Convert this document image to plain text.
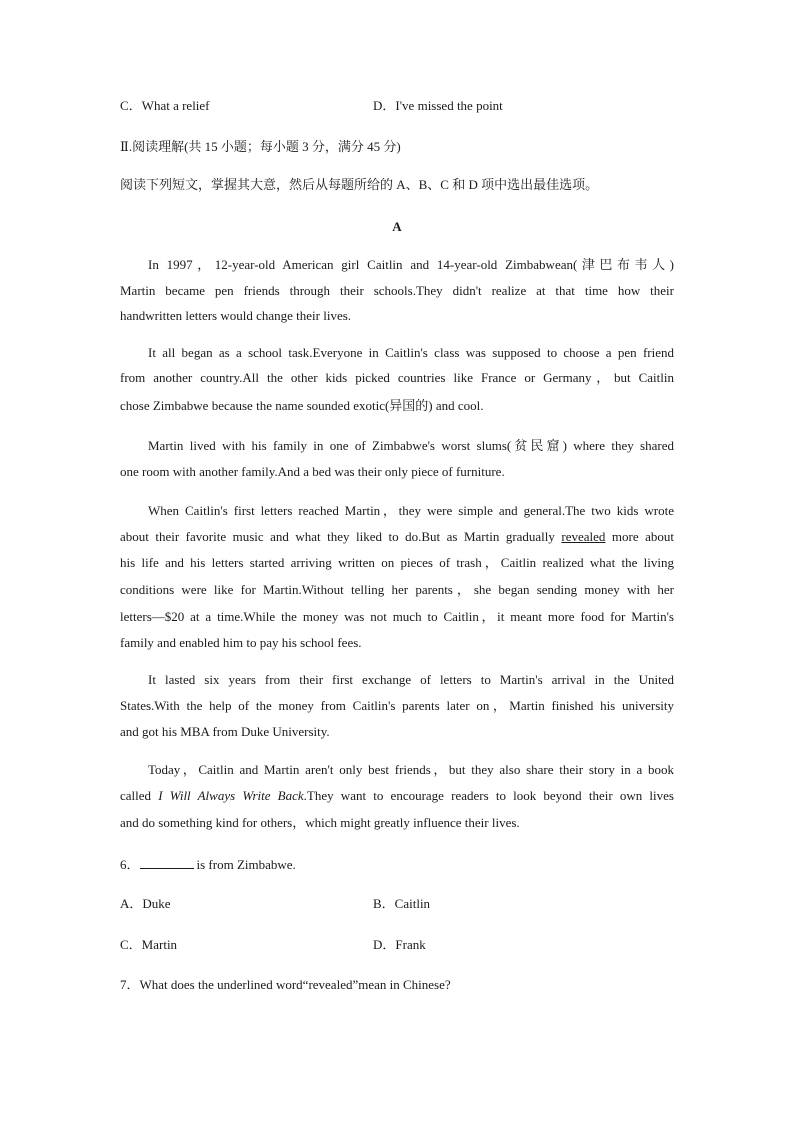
C．What a relief	D．I've missed the point
Ⅱ.阅读理解(共 15 小题；每小题 3 分，满分 45 分)
阅读下列短文，掌握其大意，然后从每题所给的 A、B、C 和 D 项中选出最佳选项。
A
In 1997，12-year-old American girl Caitlin and 14-year-old Zimbabwean(津巴布韦人)
Martin became pen friends through their schools.They didn't realize at that time how their
handwritten letters would change their lives.
It all began as a school task.Everyone in Caitlin's class was supposed to choose a pen friend
from another country.All the other kids picked countries like France or Germany，but Caitlin
chose Zimbabwe because the name sounded exotic(异国的) and cool.
Martin lived with his family in one of Zimbabwe's worst slums(贫民窟) where they shared
one room with another family.And a bed was their only piece of furniture.
When Caitlin's first letters reached Martin，they were simple and general.The two kids wrote
about their favorite music and what they liked to do.But as Martin gradually revealed more about
his life and his letters started arriving written on pieces of trash，Caitlin realized what the living
conditions were like for Martin.Without telling her parents，she began sending money with her
letters—$20 at a time.While the money was not much to Caitlin，it meant more food for Martin's
family and enabled him to pay his school fees.
It lasted six years from their first exchange of letters to Martin's arrival in the United
States.With the help of the money from Caitlin's parents later on，Martin finished his university
and got his MBA from Duke University.
Today，Caitlin and Martin aren't only best friends，but they also share their story in a book
called I Will Always Write Back.They want to encourage readers to look beyond their own lives
and do something kind for others，which might greatly influence their lives.
6．	is from Zimbabwe.
A．Duke	B．Caitlin
C．Martin	D．Frank
7．What does the underlined word“revealed”mean in Chinese?
